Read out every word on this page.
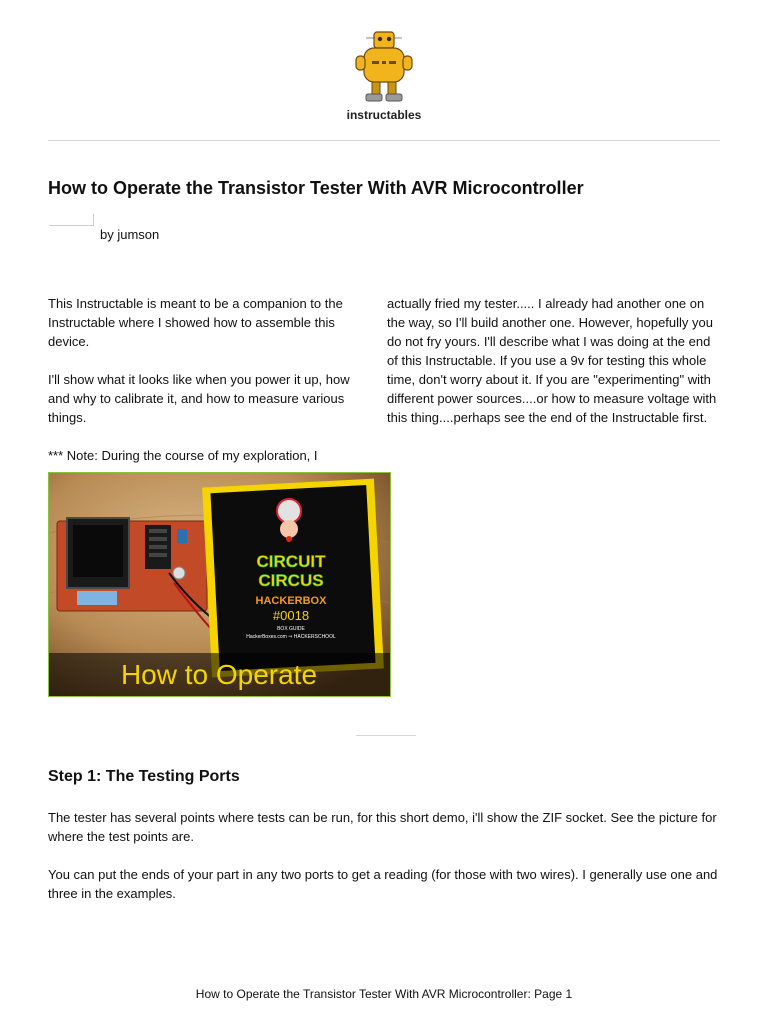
instructables
How to Operate the Transistor Tester With AVR Microcontroller
by jumson

This Instructable is meant to be a companion to the Instructable where I showed how to assemble this device.

I'll show what it looks like when you power it up, how and why to calibrate it, and how to measure various things.

*** Note: During the course of my exploration, I

actually fried my tester..... I already had another one on the way, so I'll build another one. However, hopefully you do not fry yours. I'll describe what I was doing at the end of this Instructable. If you use a 9v for testing this whole time, don't worry about it. If you are "experimenting" with different power sources....or how to measure voltage with this thing....perhaps see the end of the Instructable first.

CIRCUIT
CIRCUS
HACKERBOX
#0018
BOX GUIDE
HackerBoxes.com ⇒ HACKERSCHOOL
How to Operate
Step 1: The Testing Ports

The tester has several points where tests can be run, for this short demo, i'll show the ZIF socket. See the picture for where the test points are.

You can put the ends of your part in any two ports to get a reading (for those with two wires). I generally use one and three in the examples.

How to Operate the Transistor Tester With AVR Microcontroller: Page 1
